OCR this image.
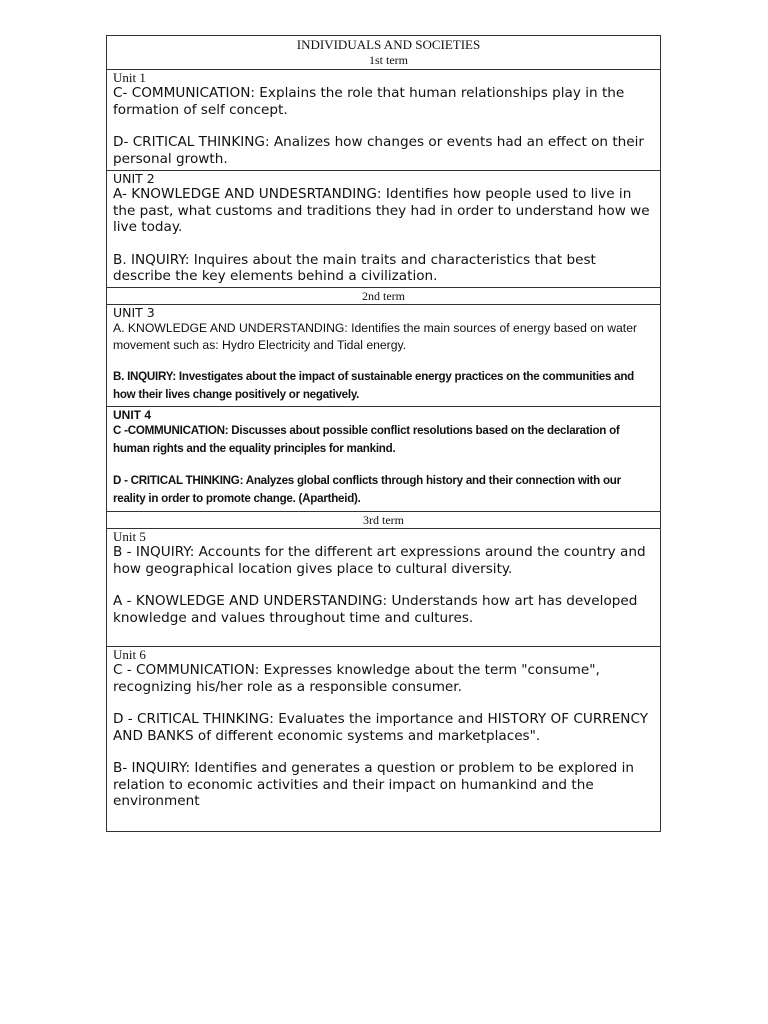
INDIVIDUALS AND SOCIETIES
1st term
Unit 1

C- COMMUNICATION: Explains the role that human relationships play in the formation of self concept.

D- CRITICAL THINKING: Analizes how changes or events had an effect on their personal growth.

UNIT 2

A- KNOWLEDGE AND UNDESRTANDING: Identifies how people used to live in the past, what customs and traditions they had in order to understand how we live today.

B. INQUIRY: Inquires about the main traits and characteristics that best describe the key elements behind a civilization.

2nd term
UNIT 3

A. KNOWLEDGE AND UNDERSTANDING: Identifies the main sources of energy based on water movement such as: Hydro Electricity and Tidal energy.

B. INQUIRY: Investigates about the impact of sustainable energy practices on the communities and how their lives change positively or negatively.

UNIT 4

C -COMMUNICATION: Discusses about possible conflict resolutions based on the declaration of human rights and the equality principles for mankind.

D - CRITICAL THINKING: Analyzes global conflicts through history and their connection with our reality in order to promote change. (Apartheid).

3rd term
Unit 5

B - INQUIRY: Accounts for the different art expressions around the country and how geographical location gives place to cultural diversity.

A - KNOWLEDGE AND UNDERSTANDING: Understands how art has developed knowledge and values throughout time and cultures.

Unit 6

C - COMMUNICATION: Expresses knowledge about the term "consume", recognizing his/her role as a responsible consumer.

D - CRITICAL THINKING: Evaluates the importance and HISTORY OF CURRENCY AND BANKS of different economic systems and marketplaces".

B- INQUIRY: Identifies and generates a question or problem to be explored in relation to economic activities and their impact on humankind and the environment
